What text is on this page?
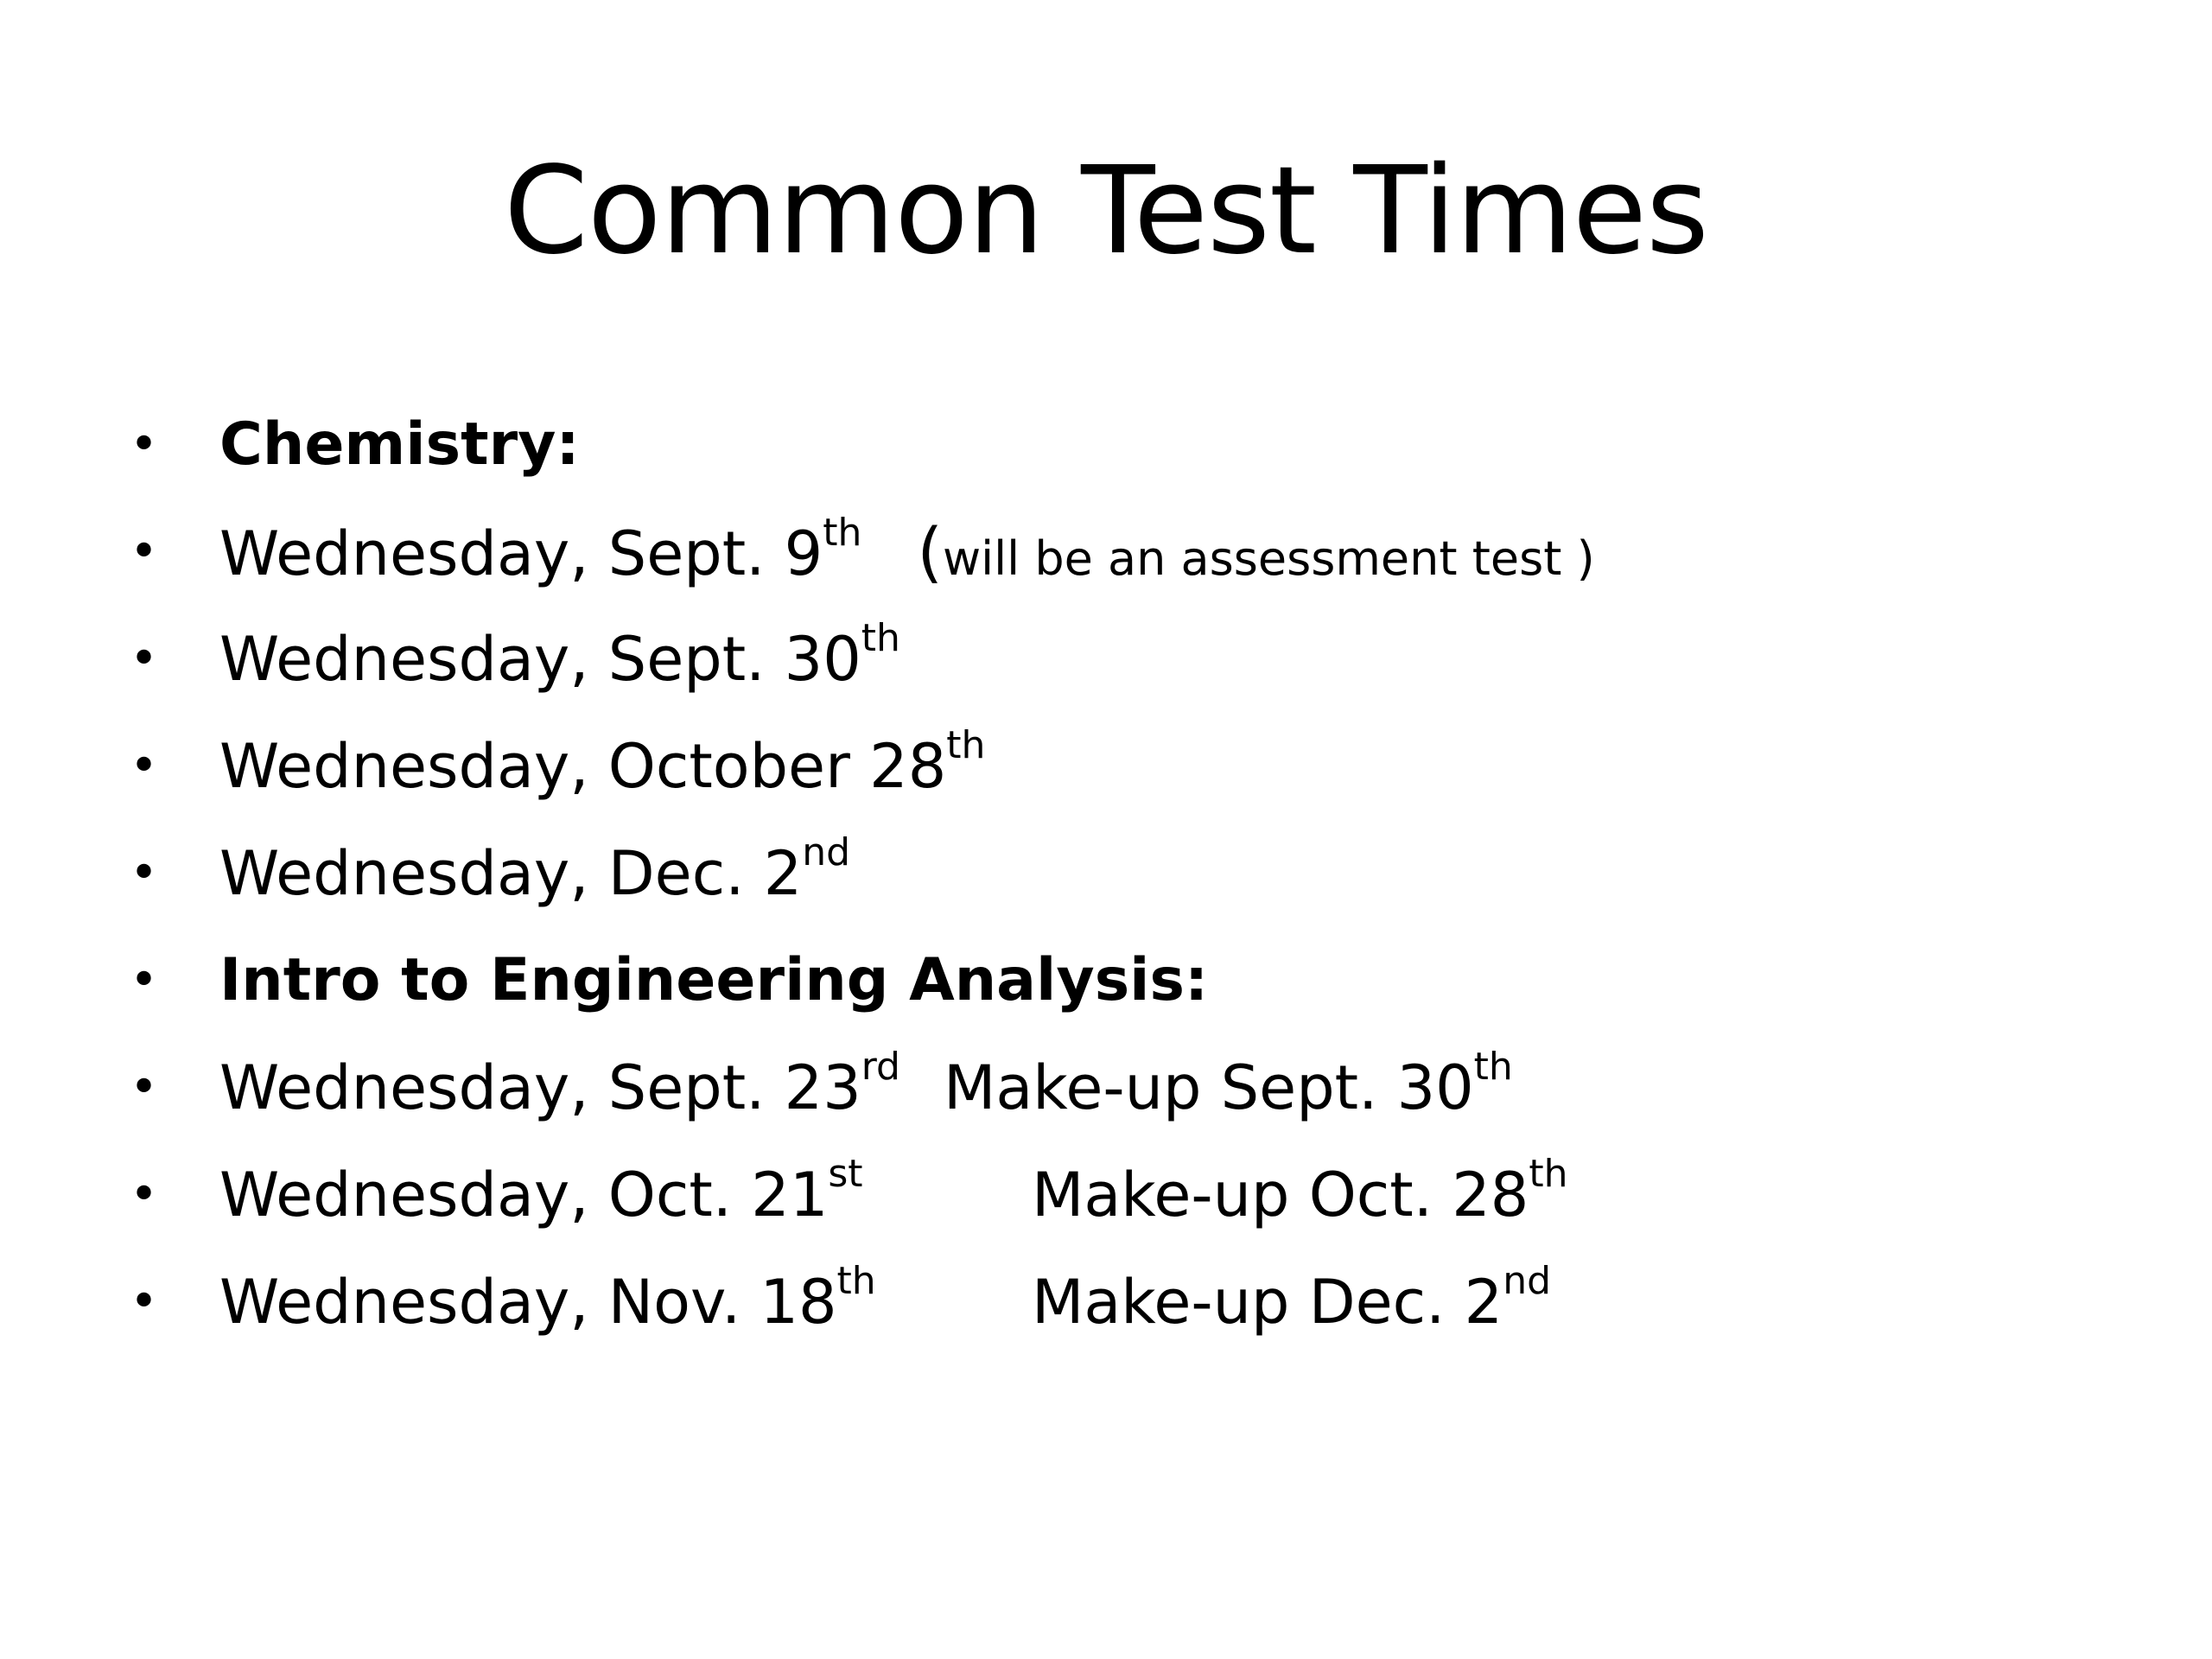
Common Test Times
•	Chemistry:
•	Wednesday, Sept. 9th (will be an assessment test )
•	Wednesday, Sept. 30th
•	Wednesday, October 28th
•	Wednesday, Dec. 2nd
•	Intro to Engineering Analysis:
•	Wednesday, Sept. 23rd Make-up Sept. 30th
•	Wednesday, Oct. 21st	Make-up Oct. 28th
•	Wednesday, Nov. 18th	Make-up Dec. 2nd
